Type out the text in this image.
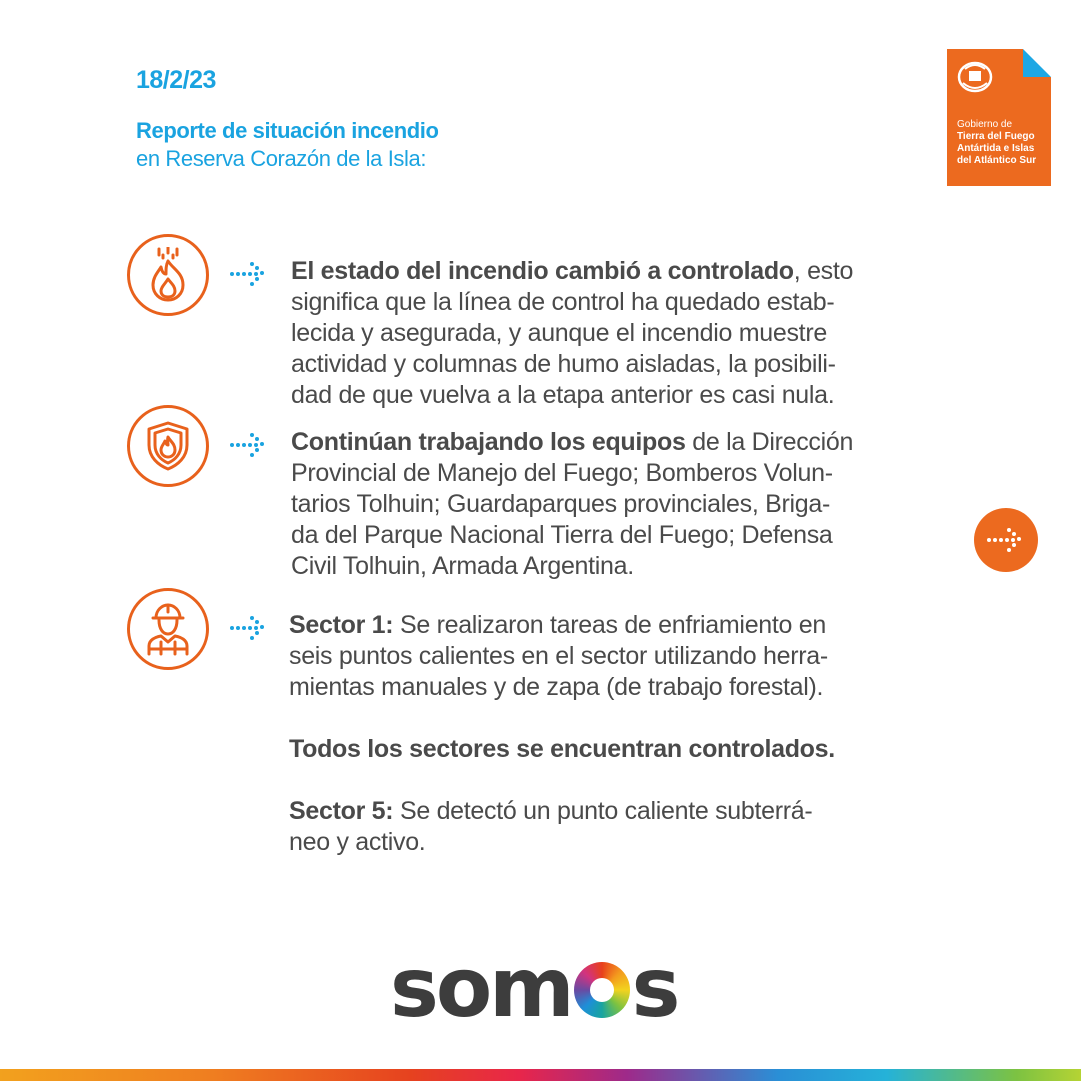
18/2/23
Reporte de situación incendio
en Reserva Corazón de la Isla:
Gobierno de
Tierra del Fuego
Antártida e Islas
del Atlántico Sur
El estado del incendio cambió a controlado, esto
significa que la línea de control ha quedado estab-
lecida y asegurada, y aunque el incendio muestre
actividad y columnas de humo aisladas, la posibili-
dad de que vuelva a la etapa anterior es casi nula.
Continúan trabajando los equipos de la Dirección
Provincial de Manejo del Fuego; Bomberos Volun-
tarios Tolhuin; Guardaparques provinciales, Briga-
da del Parque Nacional Tierra del Fuego; Defensa
Civil Tolhuin, Armada Argentina.
Sector 1: Se realizaron tareas de enfriamiento en
seis puntos calientes en el sector utilizando herra-
mientas manuales y de zapa (de trabajo forestal).
Todos los sectores se encuentran controlados.
Sector 5: Se detectó un punto caliente subterrá-
neo y activo.
som s
